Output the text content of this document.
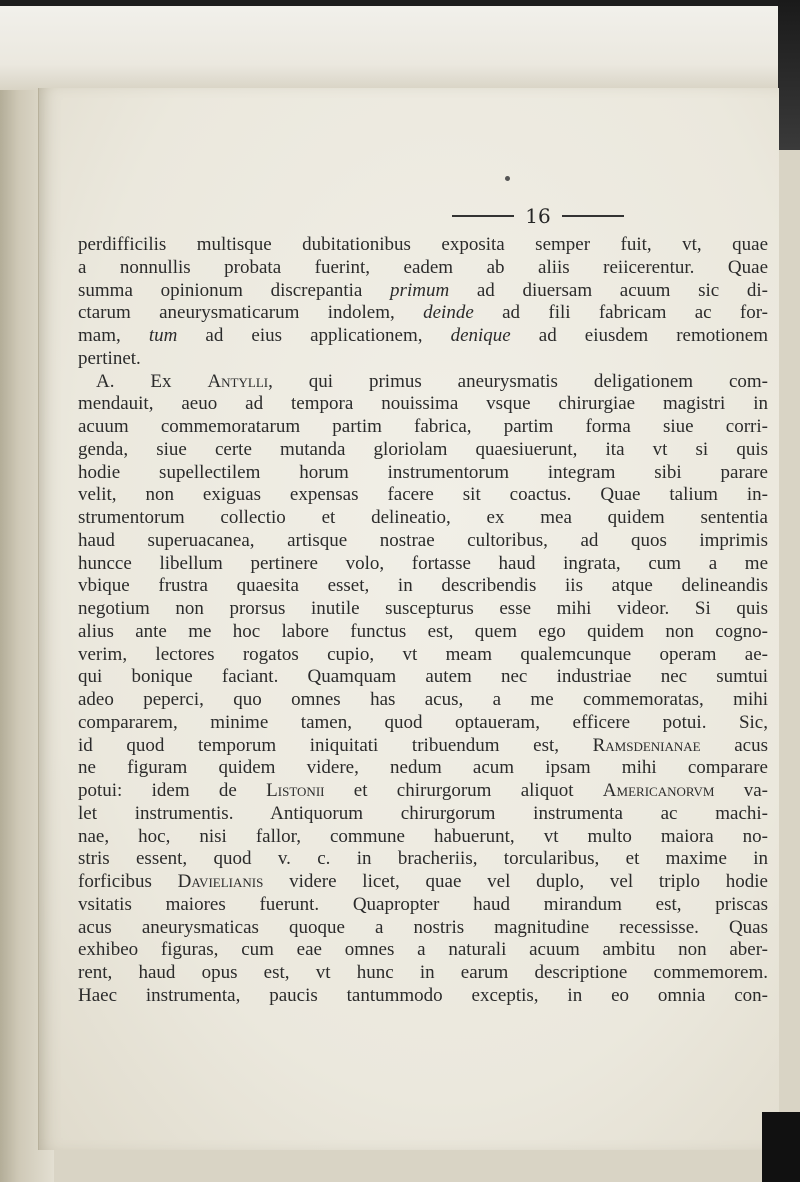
16
perdifficilis multisque dubitationibus exposita semper fuit, vt, quae
a nonnullis probata fuerint, eadem ab aliis reiicerentur. Quae
summa opinionum discrepantia primum ad diuersam acuum sic di-
ctarum aneurysmaticarum indolem, deinde ad fili fabricam ac for-
mam, tum ad eius applicationem, denique ad eiusdem remotionem
pertinet.
A. Ex Antylli, qui primus aneurysmatis deligationem com-
mendauit, aeuo ad tempora nouissima vsque chirurgiae magistri in
acuum commemoratarum partim fabrica, partim forma siue corri-
genda, siue certe mutanda gloriolam quaesiuerunt, ita vt si quis
hodie supellectilem horum instrumentorum integram sibi parare
velit, non exiguas expensas facere sit coactus. Quae talium in-
strumentorum collectio et delineatio, ex mea quidem sententia
haud superuacanea, artisque nostrae cultoribus, ad quos imprimis
huncce libellum pertinere volo, fortasse haud ingrata, cum a me
vbique frustra quaesita esset, in describendis iis atque delineandis
negotium non prorsus inutile suscepturus esse mihi videor. Si quis
alius ante me hoc labore functus est, quem ego quidem non cogno-
verim, lectores rogatos cupio, vt meam qualemcunque operam ae-
qui bonique faciant. Quamquam autem nec industriae nec sumtui
adeo peperci, quo omnes has acus, a me commemoratas, mihi
compararem, minime tamen, quod optaueram, efficere potui. Sic,
id quod temporum iniquitati tribuendum est, Ramsdenianae acus
ne figuram quidem videre, nedum acum ipsam mihi comparare
potui: idem de Listonii et chirurgorum aliquot Americanorvm va-
let instrumentis. Antiquorum chirurgorum instrumenta ac machi-
nae, hoc, nisi fallor, commune habuerunt, vt multo maiora no-
stris essent, quod v. c. in bracheriis, torcularibus, et maxime in
forficibus Davielianis videre licet, quae vel duplo, vel triplo hodie
vsitatis maiores fuerunt. Quapropter haud mirandum est, priscas
acus aneurysmaticas quoque a nostris magnitudine recessisse. Quas
exhibeo figuras, cum eae omnes a naturali acuum ambitu non aber-
rent, haud opus est, vt hunc in earum descriptione commemorem.
Haec instrumenta, paucis tantummodo exceptis, in eo omnia con-
